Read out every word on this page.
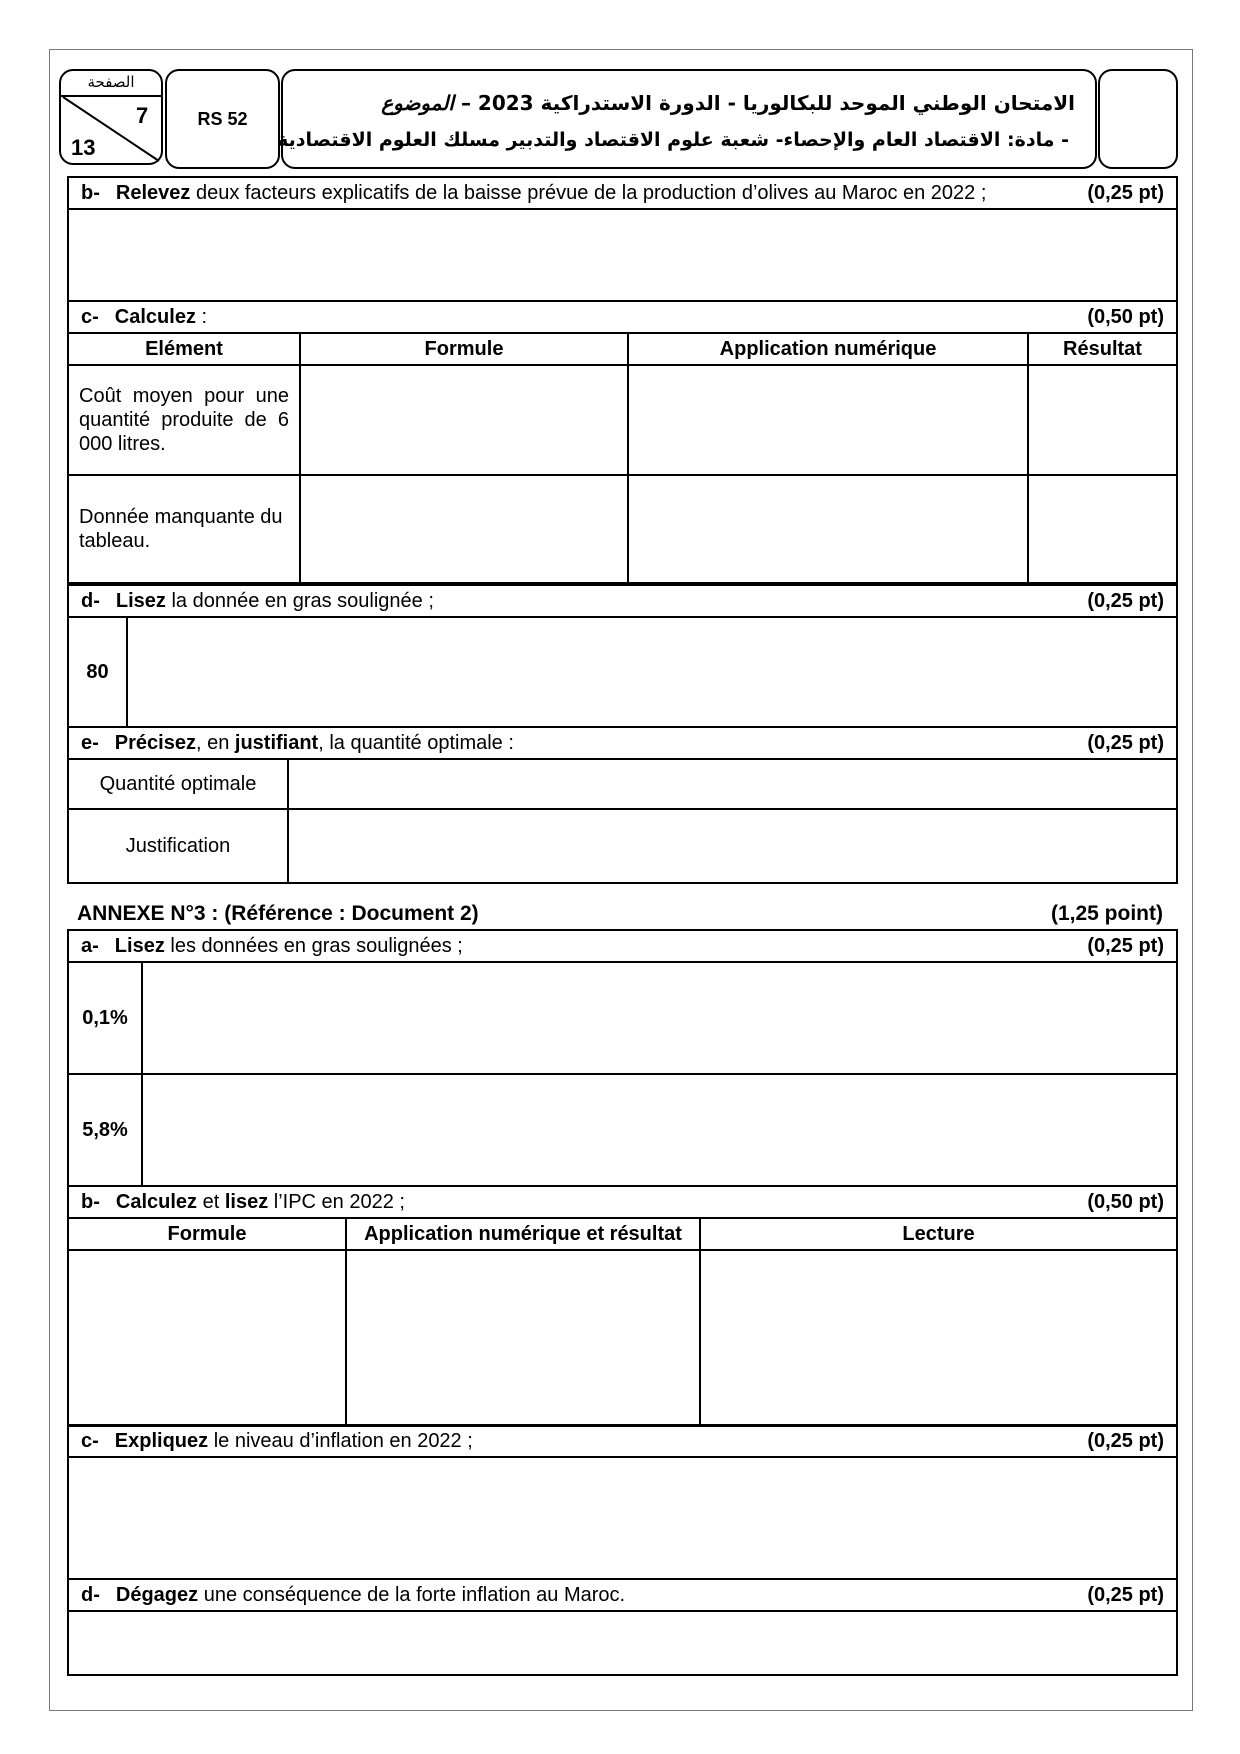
الصفحة
7
13
RS 52
الامتحان الوطني الموحد للبكالوريا - الدورة الاستدراكية 2023 – الموضوع
- مادة: الاقتصاد العام والإحصاء- شعبة علوم الاقتصاد والتدبير مسلك العلوم الاقتصادية
b- Relevez deux facteurs explicatifs de la baisse prévue de la production d’olives au Maroc en 2022 ;	(0,25 pt)
c- Calculez :	(0,50 pt)
Elément	Formule	Application numérique	Résultat
Coût moyen pour une quantité produite de 6 000 litres.			
Donnée manquante du tableau.			
d- Lisez la donnée en gras soulignée ;	(0,25 pt)
80	
e- Précisez, en justifiant, la quantité optimale :	(0,25 pt)
Quantité optimale	
Justification	
ANNEXE N°3 : (Référence : Document 2)	(1,25 point)
a- Lisez les données en gras soulignées ;	(0,25 pt)
0,1%	
5,8%	
b- Calculez et lisez l’IPC en 2022 ;	(0,50 pt)
Formule	Application numérique et résultat	Lecture

c- Expliquez le niveau d’inflation en 2022 ;	(0,25 pt)
d- Dégagez une conséquence de la forte inflation au Maroc.	(0,25 pt)
